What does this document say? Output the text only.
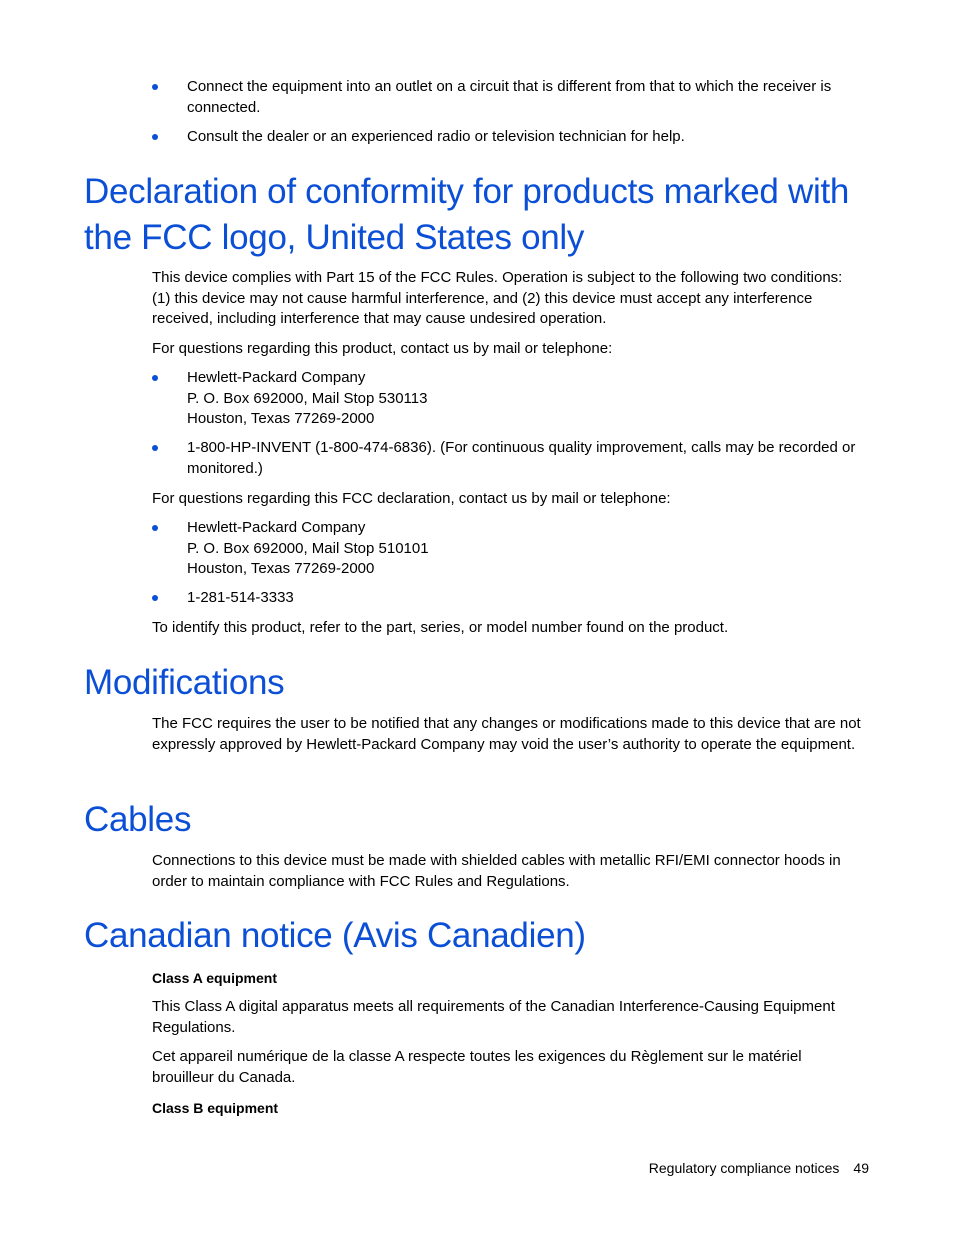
Connect the equipment into an outlet on a circuit that is different from that to which the receiver is connected.
Consult the dealer or an experienced radio or television technician for help.
Declaration of conformity for products marked with the FCC logo, United States only

This device complies with Part 15 of the FCC Rules. Operation is subject to the following two conditions: (1) this device may not cause harmful interference, and (2) this device must accept any interference received, including interference that may cause undesired operation.

For questions regarding this product, contact us by mail or telephone:

Hewlett-Packard Company
P. O. Box 692000, Mail Stop 530113
Houston, Texas 77269-2000
1-800-HP-INVENT (1-800-474-6836). (For continuous quality improvement, calls may be recorded or monitored.)

For questions regarding this FCC declaration, contact us by mail or telephone:

Hewlett-Packard Company
P. O. Box 692000, Mail Stop 510101
Houston, Texas 77269-2000
1-281-514-3333

To identify this product, refer to the part, series, or model number found on the product.

Modifications

The FCC requires the user to be notified that any changes or modifications made to this device that are not expressly approved by Hewlett-Packard Company may void the user’s authority to operate the equipment.

Cables

Connections to this device must be made with shielded cables with metallic RFI/EMI connector hoods in order to maintain compliance with FCC Rules and Regulations.

Canadian notice (Avis Canadien)

Class A equipment

This Class A digital apparatus meets all requirements of the Canadian Interference-Causing Equipment Regulations.

Cet appareil numérique de la classe A respecte toutes les exigences du Règlement sur le matériel brouilleur du Canada.

Class B equipment

Regulatory compliance notices 49
